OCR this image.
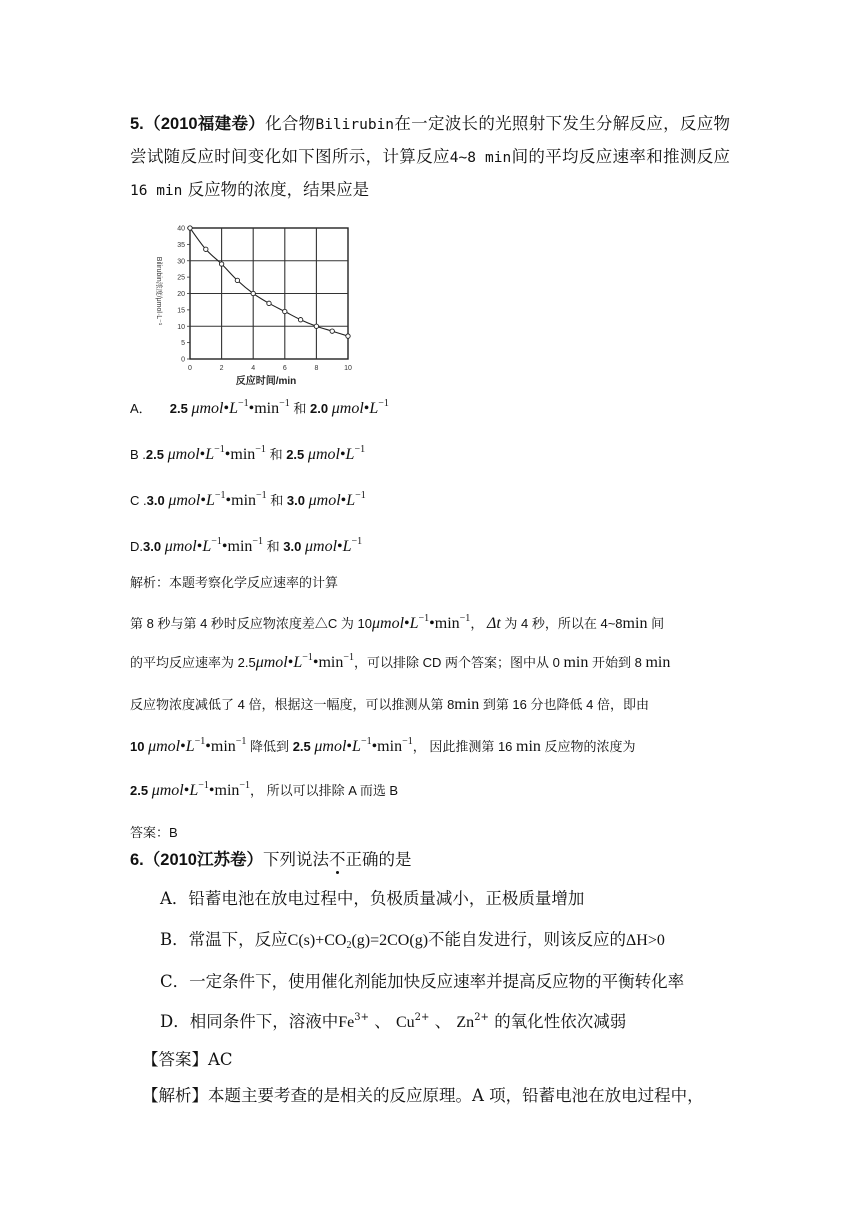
5.（2010福建卷）化合物Bilirubin在一定波长的光照射下发生分解反应，反应物尝试随反应时间变化如下图所示，计算反应4~8 min间的平均反应速率和推测反应 16 min 反应物的浓度，结果应是
0	2	4	6	8	10
0
5
10
15
20
25
30
35
40
反应时间/min
Bilirubin浓度/μmol·L⁻¹
A． 2.5 $\mu mol•L^{-1}•\min^{-1}$ 和 2.0 $\mu mol•L^{-1}$
B .2.5 $\mu mol•L^{-1}•\min^{-1}$ 和 2.5 $\mu mol•L^{-1}$
C .3.0 $\mu mol•L^{-1}•\min^{-1}$ 和 3.0 $\mu mol•L^{-1}$
D.3.0 $\mu mol•L^{-1}•\min^{-1}$ 和 3.0 $\mu mol•L^{-1}$
解析：本题考察化学反应速率的计算
第 8 秒与第 4 秒时反应物浓度差△C 为 $10\mu mol•L^{-1}•\min^{-1}$， Δt 为 4 秒，所以在 4~8min 间
的平均反应速率为 $2.5\mu mol•L^{-1}•\min^{-1}$，可以排除 CD 两个答案；图中从 0 min 开始到 8 min
反应物浓度减低了 4 倍，根据这一幅度，可以推测从第 8min 到第 16 分也降低 4 倍，即由
10 $\mu mol•L^{-1}•\min^{-1}$ 降低到 2.5 $\mu mol•L^{-1}•\min^{-1}$， 因此推测第 16 min 反应物的浓度为
2.5 $\mu mol•L^{-1}•\min^{-1}$， 所以可以排除 A 而选 B
答案：B
6.（2010江苏卷）下列说法不正确的是
A．铅蓄电池在放电过程中，负极质量减小，正极质量增加
B．常温下，反应$C(s)+CO_2(g)=2CO(g)$不能自发进行，则该反应的ΔH>0
C．一定条件下，使用催化剂能加快反应速率并提高反应物的平衡转化率
D．相同条件下，溶液中$Fe^{3+}$ 、 $Cu^{2+}$ 、 $Zn^{2+}$ 的氧化性依次减弱
【答案】AC
【解析】本题主要考查的是相关的反应原理。A 项，铅蓄电池在放电过程中，
